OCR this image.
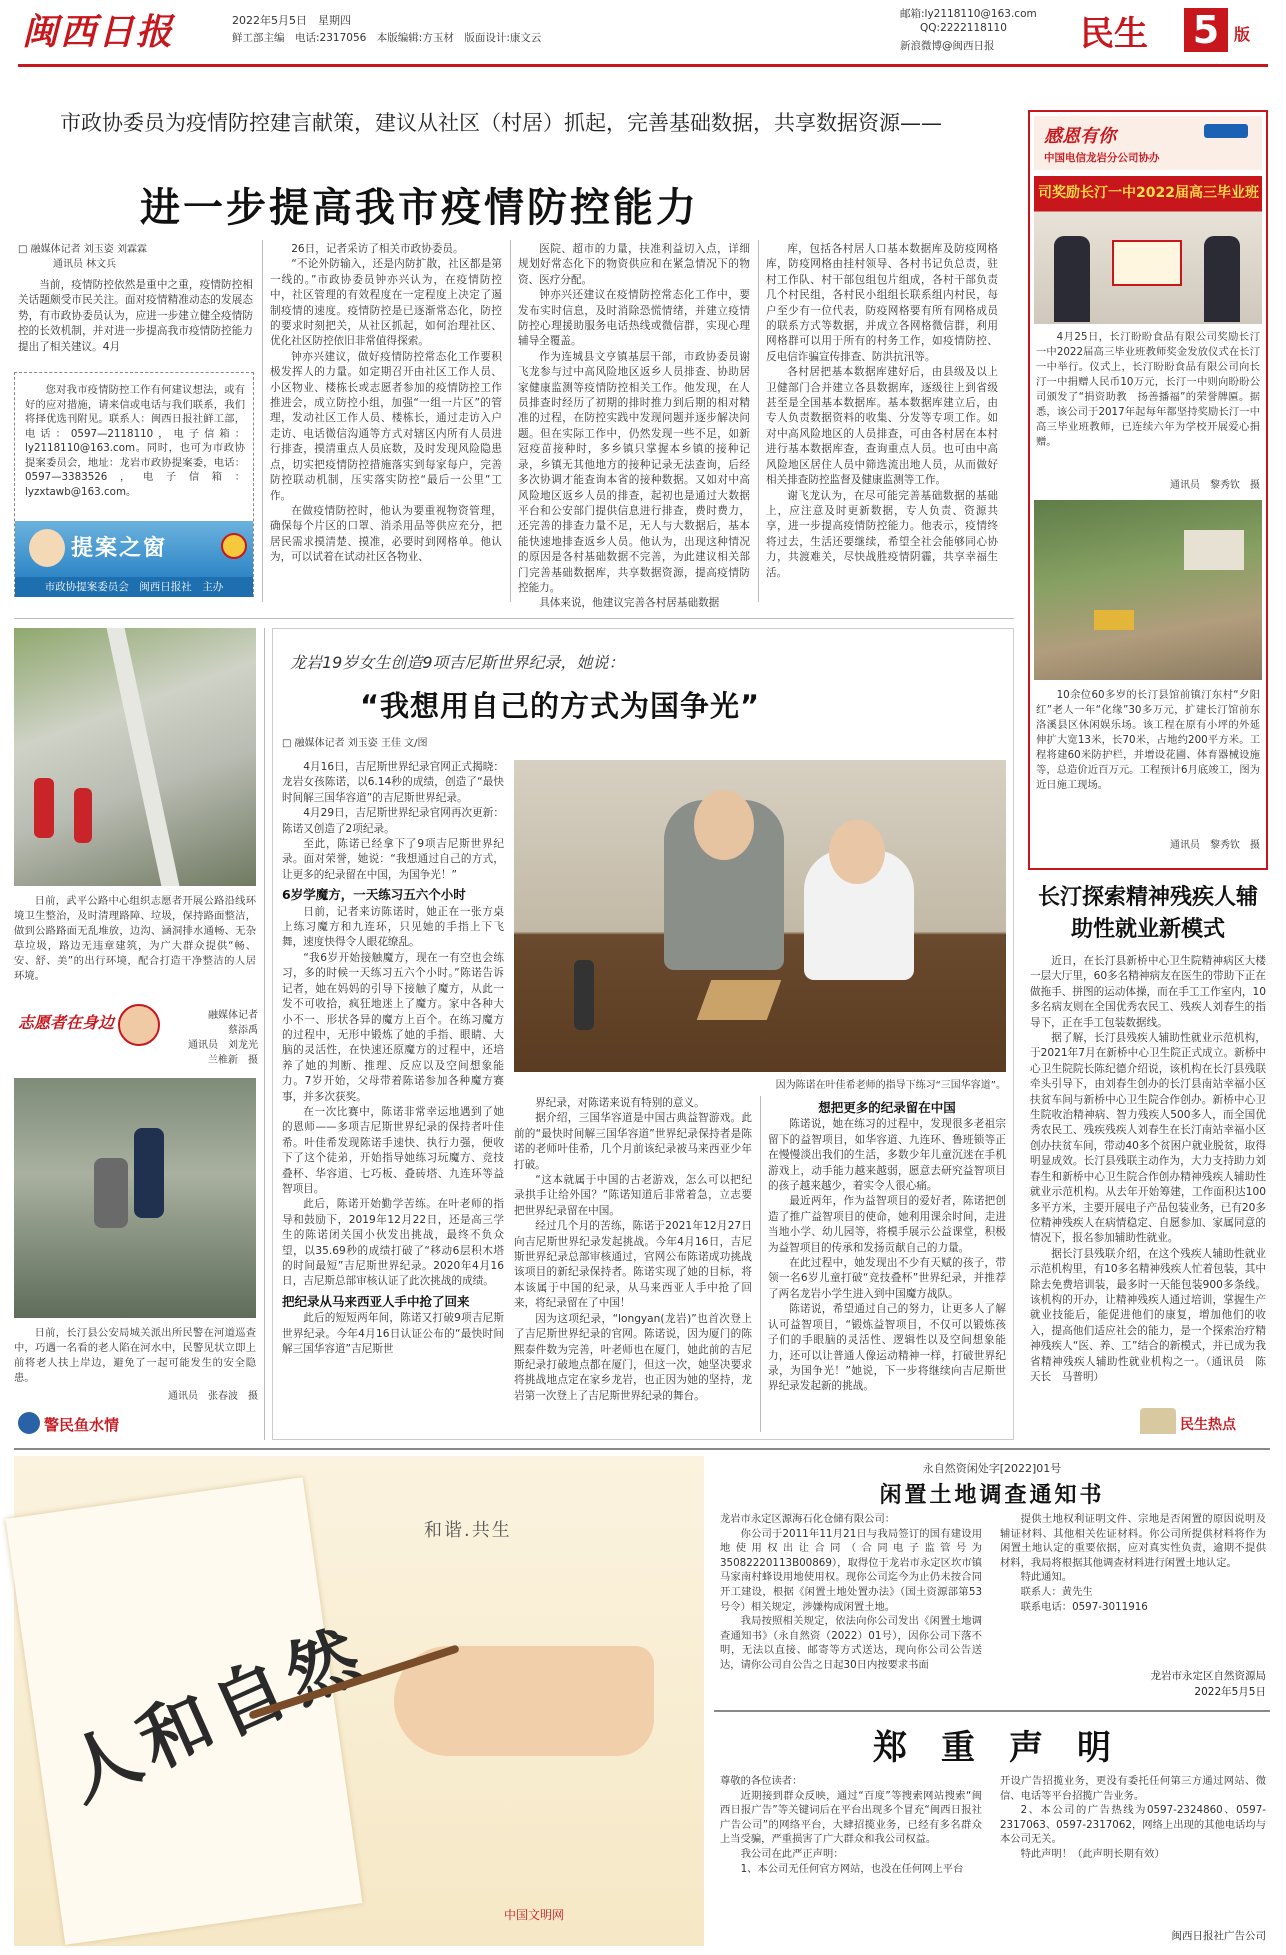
闽西日报	2022年5月5日　星期四
鲜工部主编　电话:2317056　本版编辑:方玉材　版面设计:康文云
邮箱:ly2118110@163.com
QQ:2222118110
新浪微博@闽西日报	民生 5 版
市政协委员为疫情防控建言献策，建议从社区（村居）抓起，完善基础数据，共享数据资源——
进一步提高我市疫情防控能力
□ 融媒体记者 刘玉姿 刘霖霖
通讯员 林文兵

当前，疫情防控依然是重中之重，疫情防控相关话题颇受市民关注。面对疫情精准动态的发展态势，有市政协委员认为，应进一步建立健全疫情防控的长效机制，并对进一步提高我市疫情防控能力提出了相关建议。4月

您对我市疫情防控工作有何建议想法，或有好的应对措施，请来信或电话与我们联系，我们将择优选刊附见。联系人：闽西日报社鲜工部，电话：0597—2118110，电子信箱：ly2118110@163.com。同时，也可为市政协提案委员会，地址：龙岩市政协提案委，电话：0597—3383526，电子信箱：lyzxtawb@163.com。
提案之窗
市政协提案委员会　闽西日报社　主办

26日，记者采访了相关市政协委员。

“不论外防输入，还是内防扩散，社区都是第一线的。”市政协委员钟亦兴认为，在疫情防控中，社区管理的有效程度在一定程度上决定了遏制疫情的速度。疫情防控是已逐渐常态化，防控的要求时刻把关，从社区抓起，如何治理社区、优化社区防控依旧非常值得探索。

钟亦兴建议，做好疫情防控常态化工作要积极发挥人的力量。如定期召开由社区工作人员、小区物业、楼栋长或志愿者参加的疫情防控工作推进会，成立防控小组，加强“一组一片区”的管理，发动社区工作人员、楼栋长，通过走访入户走访、电话微信沟通等方式对辖区内所有人员进行排查，摸清重点人员底数，及时发现风险隐患点，切实把疫情防控措施落实到每家每户，完善防控联动机制，压实落实防控“最后一公里”工作。

在做疫情防控时，他认为要重视物资管理，确保每个片区的口罩、消杀用品等供应充分，把居民需求摸清楚、摸准，必要时到网格单。他认为，可以试着在试动社区各物业、

医院、超市的力量，扶准利益切入点，详细规划好常态化下的物资供应和在紧急情况下的物资、医疗分配。

钟亦兴还建议在疫情防控常态化工作中，要发布实时信息，及时消除恐慌情绪，并建立疫情防控心理援助服务电话热线或微信群，实现心理辅导全覆盖。

作为连城县文亨镇基层干部，市政协委员谢飞龙参与过中高风险地区返乡人员排查、协助居家健康监测等疫情防控相关工作。他发现，在人员排查时经历了初期的排时推力到后期的相对精准的过程，在防控实践中发现问题并逐步解决问题。但在实际工作中，仍然发现一些不足，如新冠疫苗接种时，多乡镇只掌握本乡镇的接种记录，乡镇无其他地方的接种记录无法查询，后经多次协调才能查询本省的接种数据。又如对中高风险地区返乡人员的排查，起初也是通过大数据平台和公安部门提供信息进行排查，费时费力，还完善的排查力量不足，无人与大数据后，基本能快速地排查返乡人员。他认为，出现这种情况的原因是各村基础数据不完善，为此建议相关部门完善基础数据库，共享数据资源，提高疫情防控能力。

具体来说，他建议完善各村居基础数据

库，包括各村居人口基本数据库及防疫网格库，防疫网格由挂村领导、各村书记负总责，驻村工作队、村干部包组包片组成，各村干部负责几个村民组，各村民小组组长联系组内村民，每户至少有一位代表，防疫网格要有所有网格成员的联系方式等数据，并成立各网格微信群，利用网格群可以用于所有的村务工作，如疫情防控、反电信诈骗宣传排查、防洪抗汛等。

各村居把基本数据库建好后，由县级及以上卫健部门合并建立各县数据库，逐级往上到省级甚至是全国基本数据库。基本数据库建立后，由专人负责数据资料的收集、分发等专项工作。如对中高风险地区的人员排查，可由各村居在本村进行基本数据库查，查询重点人员。也可由中高风险地区居住人员中筛选流出地人员，从而做好相关排查防控监督及健康监测等工作。

谢飞龙认为，在尽可能完善基础数据的基础上，应注意及时更新数据，专人负责、资源共享，进一步提高疫情防控能力。他表示，疫情终将过去，生活还要继续，希望全社会能够同心协力，共渡难关，尽快战胜疫情阴霾，共享幸福生活。

日前，武平公路中心组织志愿者开展公路沿线环境卫生整治，及时清理路障、垃圾，保持路面整洁，做到公路路面无乱堆放，边沟、涵洞排水通畅、无杂草垃圾，路边无违章建筑，为广大群众提供“畅、安、舒、美”的出行环境，配合打造干净整洁的人居环境。

志愿者在身边	融媒体记者
蔡添禹
通讯员　刘龙光
兰椎新　摄

日前，长汀县公安局城关派出所民警在河道巡查中，巧遇一名看的老人陷在河水中，民警见状立即上前将老人扶上岸边，避免了一起可能发生的安全隐患。

通讯员　张春波　摄
警民鱼水情
龙岩19岁女生创造9项吉尼斯世界纪录，她说：
“我想用自己的方式为国争光”
□ 融媒体记者 刘玉姿 王佳 文/图

4月16日，吉尼斯世界纪录官网正式揭晓：龙岩女孩陈诺，以6.14秒的成绩，创造了“最快时间解三国华容道”的吉尼斯世界纪录。

4月29日，吉尼斯世界纪录官网再次更新：陈诺又创造了2项纪录。

至此，陈诺已经拿下了9项吉尼斯世界纪录。面对荣誉，她说：“我想通过自己的方式，让更多的纪录留在中国，为国争光！”

6岁学魔方，一天练习五六个小时

日前，记者来访陈诺时，她正在一张方桌上练习魔方和九连环，只见她的手指上下飞舞，速度快得令人眼花缭乱。

“我6岁开始接触魔方，现在一有空也会练习，多的时候一天练习五六个小时。”陈诺告诉记者，她在妈妈的引导下接触了魔方，从此一发不可收拾，疯狂地迷上了魔方。家中各种大小不一、形状各异的魔方上百个。在练习魔方的过程中，无形中锻炼了她的手指、眼睛、大脑的灵活性，在快速还原魔方的过程中，还培养了她的判断、推理、反应以及空间想象能力。7岁开始，父母带着陈诺参加各种魔方赛事，并多次获奖。

在一次比赛中，陈诺非常幸运地遇到了她的恩师——多项吉尼斯世界纪录的保持者叶佳希。叶佳希发现陈诺手速快、执行力强，便收下了这个徒弟，开始指导她练习玩魔方、竞技叠杯、华容道、七巧板、叠砖塔、九连环等益智项目。

此后，陈诺开始勤学苦练。在叶老师的指导和鼓励下，2019年12月22日，还是高三学生的陈诺闭关国小伙发出挑战，最终不负众望，以35.69秒的成绩打破了“移动6层积木塔的时间最短”吉尼斯世界纪录。2020年4月16日，吉尼斯总部审核认证了此次挑战的成绩。

把纪录从马来西亚人手中抢了回来

此后的短短两年间，陈诺又打破9项吉尼斯世界纪录。今年4月16日认证公布的“最快时间解三国华容道”吉尼斯世

因为陈诺在叶佳希老师的指导下练习“三国华容道”。

界纪录，对陈诺来说有特别的意义。

据介绍，三国华容道是中国古典益智游戏。此前的“最快时间解三国华容道”世界纪录保持者是陈诺的老师叶佳希，几个月前该纪录被马来西亚少年打破。

“这本就属于中国的古老游戏，怎么可以把纪录拱手让给外国？”陈诺知道后非常着急，立志要把世界纪录留在中国。

经过几个月的苦练，陈诺于2021年12月27日向吉尼斯世界纪录发起挑战。今年4月16日，吉尼斯世界纪录总部审核通过，官网公布陈诺成功挑战该项目的新纪录保持者。陈诺实现了她的目标，将本该属于中国的纪录，从马来西亚人手中抢了回来，将纪录留在了中国！

因为这项纪录，“longyan(龙岩)”也首次登上了吉尼斯世界纪录的官网。陈诺说，因为厦门的陈熙泰件数为完善，叶老师也在厦门，她此前的吉尼斯纪录打破地点都在厦门，但这一次，她坚决要求将挑战地点定在家乡龙岩，也正因为她的坚持，龙岩第一次登上了吉尼斯世界纪录的舞台。

想把更多的纪录留在中国

陈诺说，她在练习的过程中，发现很多老祖宗留下的益智项目，如华容道、九连环、鲁班锁等正在慢慢淡出我们的生活，多数少年儿童沉迷在手机游戏上，动手能力越来越弱，愿意去研究益智项目的孩子越来越少，着实令人很心痛。

最近两年，作为益智项目的爱好者，陈诺把创造了推广益智项目的使命，她利用课余时间，走进当地小学、幼儿园等，将模手展示公益课堂，积极为益智项目的传承和发扬贡献自己的力量。

在此过程中，她发现出不少有天赋的孩子，带领一名6岁儿童打破“竞技叠杯”世界纪录，并推荐了两名龙岩小学生进入到中国魔方战队。

陈诺说，希望通过自己的努力，让更多人了解认可益智项目，“锻炼益智项目，不仅可以锻炼孩子们的手眼脑的灵活性、逻辑性以及空间想象能力，还可以让普通人像运动精神一样，打破世界纪录，为国争光！”她说，下一步将继续向吉尼斯世界纪录发起新的挑战。

感恩有你
中国电信龙岩分公司协办
司奖励长汀一中2022届高三毕业班

4月25日，长汀盼盼食品有限公司奖励长汀一中2022届高三毕业班教师奖金发放仪式在长汀一中举行。仪式上，长汀盼盼食品有限公司向长汀一中捐赠人民币10万元，长汀一中则向盼盼公司颁发了“捐资助教　扬善播福”的荣誉牌匾。据悉，该公司于2017年起每年都坚持奖励长汀一中高三毕业班教师，已连续六年为学校开展爱心捐赠。

通讯员　黎秀钦　摄

10余位60多岁的长汀县馆前镇汀东村“夕阳红”老人一年“化缘”30多万元，扩建长汀馆前东洛溪县区休闲娱乐场。该工程在原有小坪的外延伸扩大宽13米，长70米，占地约200平方米。工程将建60米防护栏，并增设花圃、体育器械设施等，总造价近百万元。工程预计6月底竣工，图为近日施工现场。

通讯员　黎秀钦　摄
长汀探索精神残疾人辅助性就业新模式

近日，在长汀县新桥中心卫生院精神病区大楼一层大厅里，60多名精神病友在医生的带助下正在做拖手、拼图的运动体操，而在手工工作室内，10多名病友则在全国优秀农民工、残疾人刘春生的指导下，正在手工包装数据线。

据了解，长汀县残疾人辅助性就业示范机构，于2021年7月在新桥中心卫生院正式成立。新桥中心卫生院院长陈纪德介绍说，该机构在长汀县残联牵头引导下，由刘春生创办的长汀县南站幸福小区扶贫车间与新桥中心卫生院合作创办。新桥中心卫生院收治精神病、智力残疾人500多人，而全国优秀农民工、残疾残疾人刘春生在长汀南站幸福小区创办扶贫车间，带动40多个贫困户就业脱贫，取得明显成效。长汀县残联主动作为，大力支持助力刘春生和新桥中心卫生院合作创办精神残疾人辅助性就业示范机构。从去年开始筹建，工作面积达100多平方米，主要开展电子产品包装业务，已有20多位精神残疾人在病情稳定、自愿参加、家属同意的情况下，报名参加辅助性就业。

据长汀县残联介绍，在这个残疾人辅助性就业示范机构里，有10多名精神残疾人忙着包装，其中除去免费培训装，最多时一天能包装900多条线。该机构的开办，让精神残疾人通过培训，掌握生产就业技能后，能促进他们的康复，增加他们的收入，提高他们适应社会的能力，是一个探索治疗精神残疾人“医、养、工”结合的新模式，并已成为我省精神残疾人辅助性就业机构之一。（通讯员　陈天长　马普明）

民生热点
和谐.共生
人和自然
中国文明网
永自然资闲处字[2022]01号
闲置土地调查通知书
龙岩市永定区源海石化仓储有限公司：

你公司于2011年11月21日与我局签订的国有建设用地使用权出让合同（合同电子监管号为35082220113B00869），取得位于龙岩市永定区坎市镇马家南村蜂设用地使用权。现你公司迄今为止仍未按合同开工建设，根据《闲置土地处置办法》（国土资源部第53号令）相关规定，涉嫌构成闲置土地。

我局按照相关规定，依法向你公司发出《闲置土地调查通知书》（永自然资（2022）01号），因你公司下落不明，无法以直接、邮寄等方式送达，现向你公司公告送达，请你公司自公告之日起30日内按要求书面

提供土地权利证明文件、宗地是否闲置的原因说明及辅证材料、其他相关佐证材料。你公司所提供材料将作为闲置土地认定的重要依据，应对真实性负责，逾期不提供材料，我局将根据其他调查材料进行闲置土地认定。

特此通知。

联系人：黄先生

联系电话：0597-3011916

龙岩市永定区自然资源局
2022年5月5日
郑　重　声　明
尊敬的各位读者：

近期接到群众反映，通过“百度”等搜索网站搜索“闽西日报广告”等关键词后在平台出现多个冒充“闽西日报社广告公司”的网络平台，大肆招揽业务，已经有多名群众上当受骗，严重损害了广大群众和我公司权益。

我公司在此严正声明：

1、本公司无任何官方网站，也没在任何网上平台

开设广告招揽业务，更没有委托任何第三方通过网站、微信、电话等平台招揽广告业务。

2、本公司的广告热线为0597-2324860、0597-2317063、0597-2317062，网络上出现的其他电话均与本公司无关。

特此声明！（此声明长期有效）

闽西日报社广告公司
